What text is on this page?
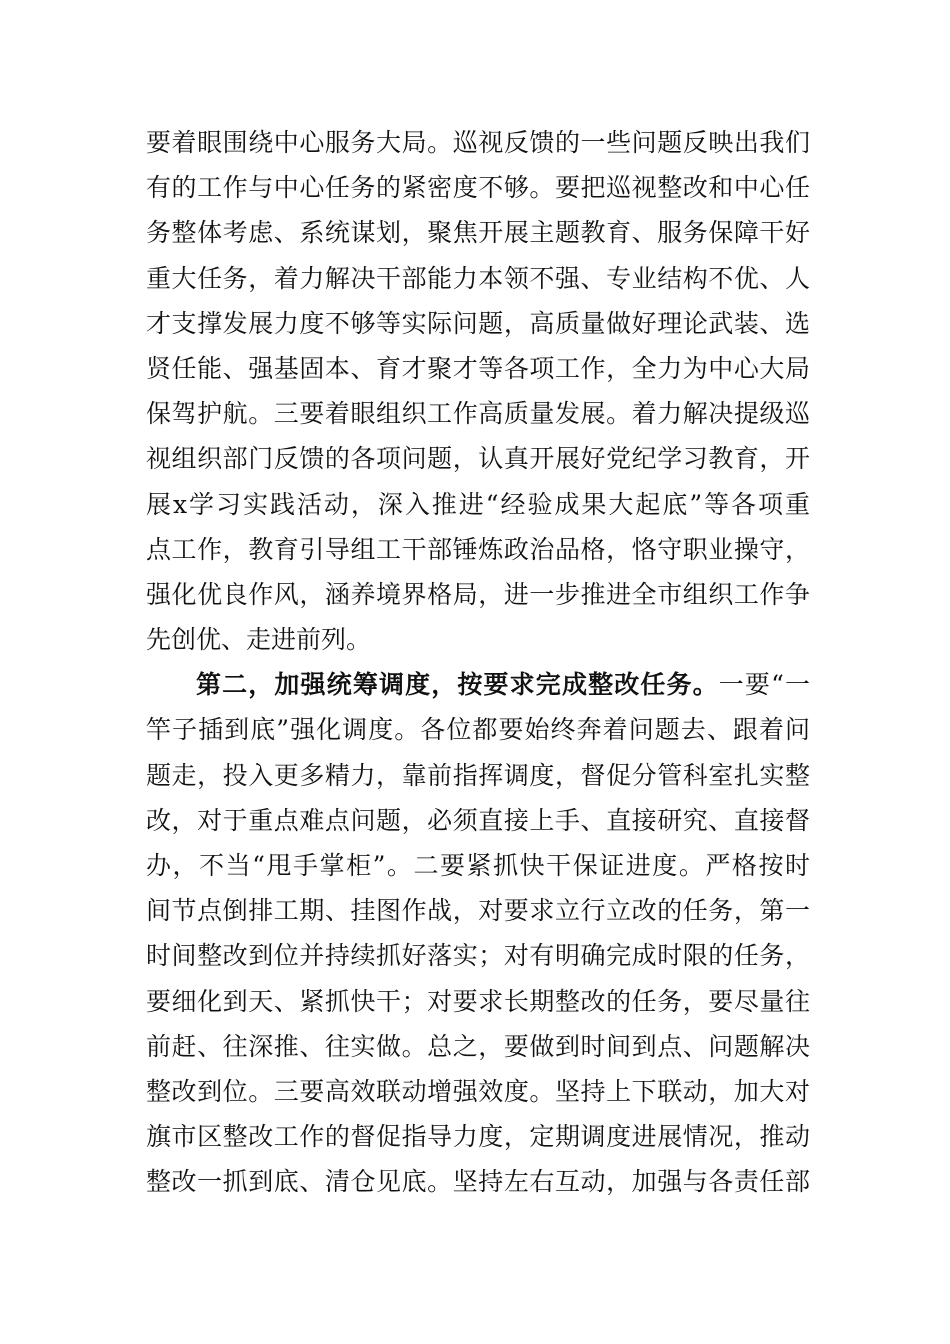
要着眼围绕中心服务大局。巡视反馈的一些问题反映出我们
有的工作与中心任务的紧密度不够。要把巡视整改和中心任
务整体考虑、系统谋划，聚焦开展主题教育、服务保障干好
重大任务，着力解决干部能力本领不强、专业结构不优、人
才支撑发展力度不够等实际问题，高质量做好理论武装、选
贤任能、强基固本、育才聚才等各项工作，全力为中心大局
保驾护航。三要着眼组织工作高质量发展。着力解决提级巡
视组织部门反馈的各项问题，认真开展好党纪学习教育，开
展x学习实践活动，深入推进“经验成果大起底”等各项重
点工作，教育引导组工干部锤炼政治品格，恪守职业操守，
强化优良作风，涵养境界格局，进一步推进全市组织工作争
先创优、走进前列。
第二，加强统筹调度，按要求完成整改任务。一要“一
竿子插到底”强化调度。各位都要始终奔着问题去、跟着问
题走，投入更多精力，靠前指挥调度，督促分管科室扎实整
改，对于重点难点问题，必须直接上手、直接研究、直接督
办，不当“甩手掌柜”。二要紧抓快干保证进度。严格按时
间节点倒排工期、挂图作战，对要求立行立改的任务，第一
时间整改到位并持续抓好落实；对有明确完成时限的任务，
要细化到天、紧抓快干；对要求长期整改的任务，要尽量往
前赶、往深推、往实做。总之，要做到时间到点、问题解决
整改到位。三要高效联动增强效度。坚持上下联动，加大对
旗市区整改工作的督促指导力度，定期调度进展情况，推动
整改一抓到底、清仓见底。坚持左右互动，加强与各责任部
